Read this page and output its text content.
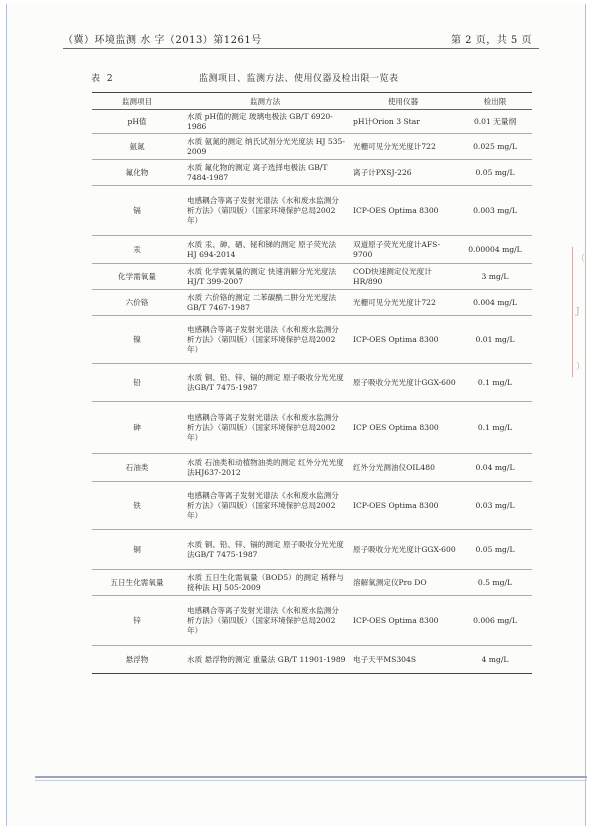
（冀）环境监测 水 字（2013）第1261号	第 2 页，共 5 页
表 2	监测项目、监测方法、使用仪器及检出限一览表
（
J
）
监测项目	监测方法	使用仪器	检出限
pH值	水质 pH值的测定 玻璃电极法 GB/T 6920-1986	pH计Orion 3 Star	0.01 无量纲
氨氮	水质 氨氮的测定 纳氏试剂分光光度法 HJ 535-2009	光栅可见分光光度计722	0.025 mg/L
氟化物	水质 氟化物的测定 离子选择电极法 GB/T 7484-1987	离子计PXSJ-226	0.05 mg/L
镉	电感耦合等离子发射光谱法《水和废水监测分析方法》（第四版）（国家环境保护总局2002年）	ICP-OES Optima 8300	0.003 mg/L
汞	水质 汞、砷、硒、铋和锑的测定 原子荧光法 HJ 694-2014	双道原子荧光光度计AFS-9700	0.00004 mg/L
化学需氧量	水质 化学需氧量的测定 快速消解分光光度法 HJ/T 399-2007	COD快速测定仪光度计HR/890	3 mg/L
六价铬	水质 六价铬的测定 二苯碳酰二肼分光光度法 GB/T 7467-1987	光栅可见分光光度计722	0.004 mg/L
镍	电感耦合等离子发射光谱法《水和废水监测分析方法》（第四版）（国家环境保护总局2002年）	ICP-OES Optima 8300	0.01 mg/L
铅	水质 铜、铅、锌、镉的测定 原子吸收分光光度法GB/T 7475-1987	原子吸收分光光度计GGX-600	0.1 mg/L
砷	电感耦合等离子发射光谱法《水和废水监测分析方法》（第四版）（国家环境保护总局2002年）	ICP OES Optima 8300	0.1 mg/L
石油类	水质 石油类和动植物油类的测定 红外分光光度法HJ637-2012	红外分光测油仪OIL480	0.04 mg/L
铁	电感耦合等离子发射光谱法《水和废水监测分析方法》（第四版）（国家环境保护总局2002年）	ICP-OES Optima 8300	0.03 mg/L
铜	水质 铜、铅、锌、镉的测定 原子吸收分光光度法GB/T 7475-1987	原子吸收分光光度计GGX-600	0.05 mg/L
五日生化需氧量	水质 五日生化需氧量（BOD5）的测定 稀释与接种法 HJ 505-2009	溶解氧测定仪Pro DO	0.5 mg/L
锌	电感耦合等离子发射光谱法《水和废水监测分析方法》（第四版）（国家环境保护总局2002年）	ICP-OES Optima 8300	0.006 mg/L
悬浮物	水质 悬浮物的测定 重量法 GB/T 11901-1989	电子天平MS304S	4 mg/L
